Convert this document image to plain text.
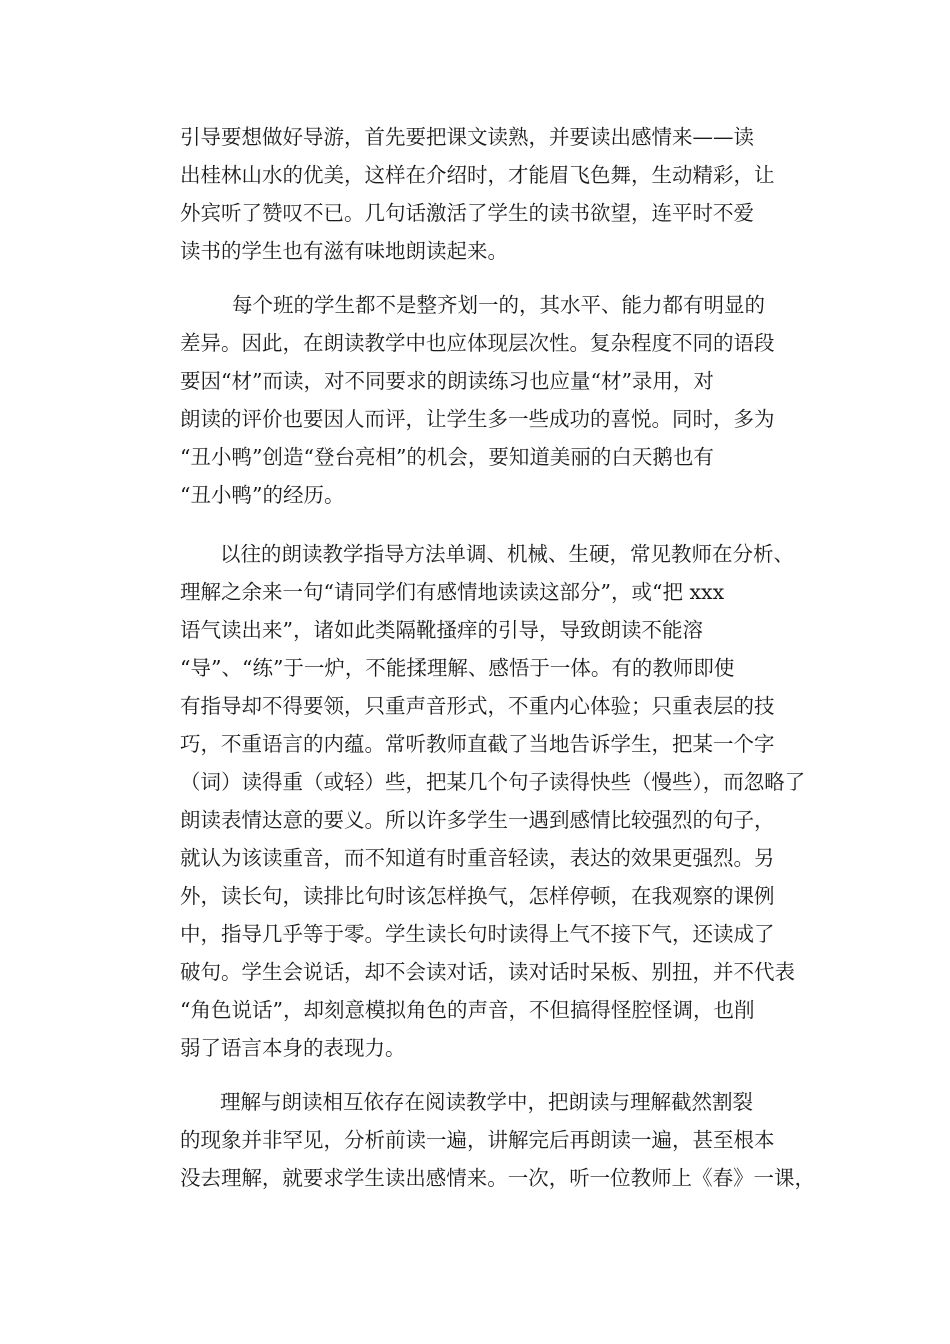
引导要想做好导游，首先要把课文读熟，并要读出感情来——读
出桂林山水的优美，这样在介绍时，才能眉飞色舞，生动精彩，让
外宾听了赞叹不已。几句话激活了学生的读书欲望，连平时不爱
读书的学生也有滋有味地朗读起来。
每个班的学生都不是整齐划一的，其水平、能力都有明显的
差异。因此，在朗读教学中也应体现层次性。复杂程度不同的语段
要因“材”而读，对不同要求的朗读练习也应量“材”录用，对
朗读的评价也要因人而评，让学生多一些成功的喜悦。同时，多为
“丑小鸭”创造“登台亮相”的机会，要知道美丽的白天鹅也有
“丑小鸭”的经历。
以往的朗读教学指导方法单调、机械、生硬，常见教师在分析、
理解之余来一句“请同学们有感情地读读这部分”，或“把 xxx
语气读出来”，诸如此类隔靴搔痒的引导，导致朗读不能溶
“导”、“练”于一炉，不能揉理解、感悟于一体。有的教师即使
有指导却不得要领，只重声音形式，不重内心体验；只重表层的技
巧，不重语言的内蕴。常听教师直截了当地告诉学生，把某一个字
（词）读得重（或轻）些，把某几个句子读得快些（慢些），而忽略了
朗读表情达意的要义。所以许多学生一遇到感情比较强烈的句子，
就认为该读重音，而不知道有时重音轻读，表达的效果更强烈。另
外，读长句，读排比句时该怎样换气，怎样停顿，在我观察的课例
中，指导几乎等于零。学生读长句时读得上气不接下气，还读成了
破句。学生会说话，却不会读对话，读对话时呆板、别扭，并不代表
“角色说话”，却刻意模拟角色的声音，不但搞得怪腔怪调，也削
弱了语言本身的表现力。
理解与朗读相互依存在阅读教学中，把朗读与理解截然割裂
的现象并非罕见，分析前读一遍，讲解完后再朗读一遍，甚至根本
没去理解，就要求学生读出感情来。一次，听一位教师上《春》一课，
